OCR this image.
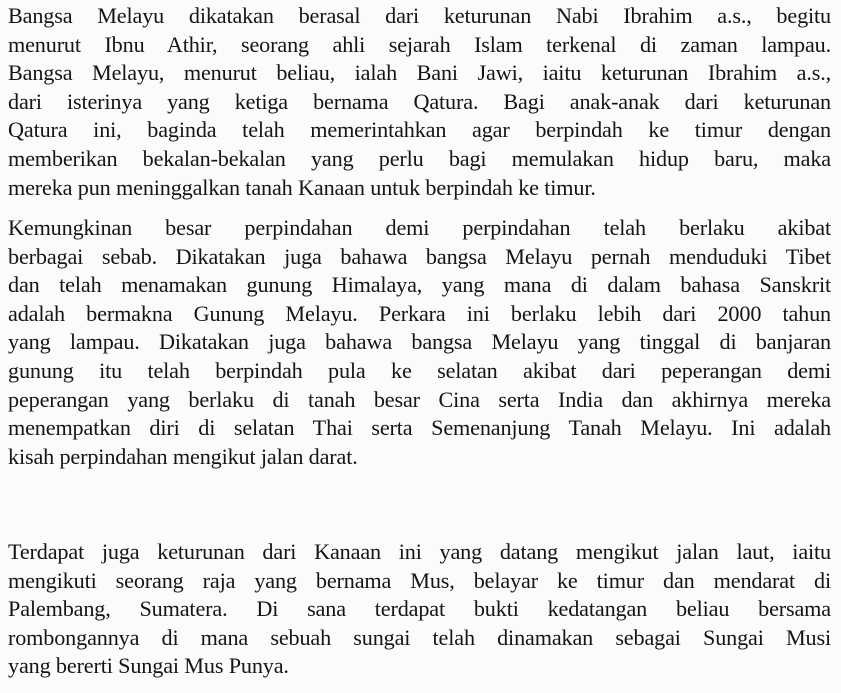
Bangsa Melayu dikatakan berasal dari keturunan Nabi Ibrahim a.s., begitu
menurut Ibnu Athir, seorang ahli sejarah Islam terkenal di zaman lampau.
Bangsa Melayu, menurut beliau, ialah Bani Jawi, iaitu keturunan Ibrahim a.s.,
dari isterinya yang ketiga bernama Qatura. Bagi anak-anak dari keturunan
Qatura ini, baginda telah memerintahkan agar berpindah ke timur dengan
memberikan bekalan-bekalan yang perlu bagi memulakan hidup baru, maka
mereka pun meninggalkan tanah Kanaan untuk berpindah ke timur.

Kemungkinan besar perpindahan demi perpindahan telah berlaku akibat
berbagai sebab. Dikatakan juga bahawa bangsa Melayu pernah menduduki Tibet
dan telah menamakan gunung Himalaya, yang mana di dalam bahasa Sanskrit
adalah bermakna Gunung Melayu. Perkara ini berlaku lebih dari 2000 tahun
yang lampau. Dikatakan juga bahawa bangsa Melayu yang tinggal di banjaran
gunung itu telah berpindah pula ke selatan akibat dari peperangan demi
peperangan yang berlaku di tanah besar Cina serta India dan akhirnya mereka
menempatkan diri di selatan Thai serta Semenanjung Tanah Melayu. Ini adalah
kisah perpindahan mengikut jalan darat.

Terdapat juga keturunan dari Kanaan ini yang datang mengikut jalan laut, iaitu
mengikuti seorang raja yang bernama Mus, belayar ke timur dan mendarat di
Palembang, Sumatera. Di sana terdapat bukti kedatangan beliau bersama
rombongannya di mana sebuah sungai telah dinamakan sebagai Sungai Musi
yang bererti Sungai Mus Punya.
